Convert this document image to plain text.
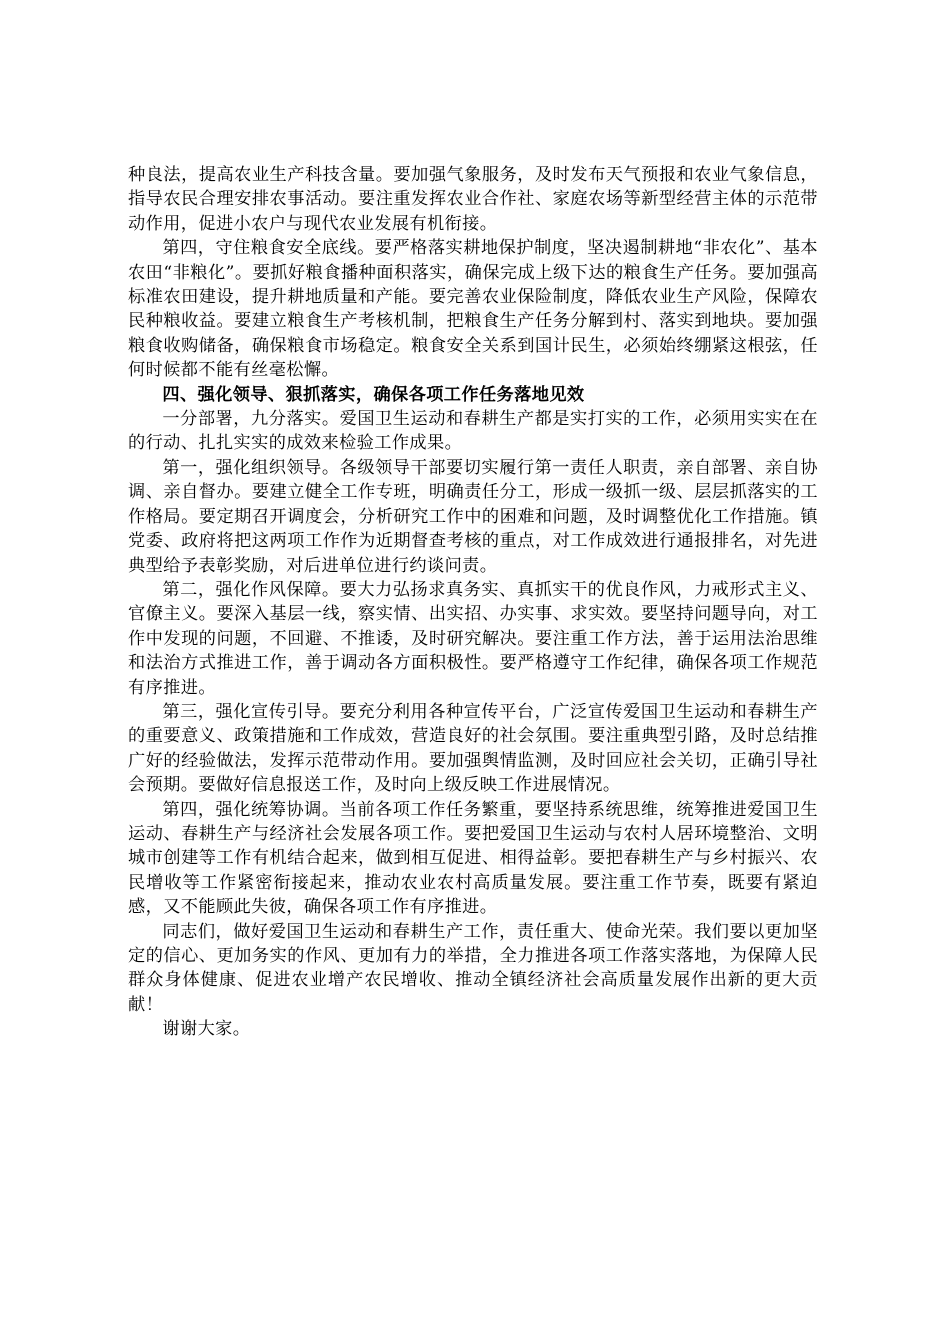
种良法，提高农业生产科技含量。要加强气象服务，及时发布天气预报和农业气象信息，指导农民合理安排农事活动。要注重发挥农业合作社、家庭农场等新型经营主体的示范带动作用，促进小农户与现代农业发展有机衔接。

第四，守住粮食安全底线。要严格落实耕地保护制度，坚决遏制耕地“非农化”、基本农田“非粮化”。要抓好粮食播种面积落实，确保完成上级下达的粮食生产任务。要加强高标准农田建设，提升耕地质量和产能。要完善农业保险制度，降低农业生产风险，保障农民种粮收益。要建立粮食生产考核机制，把粮食生产任务分解到村、落实到地块。要加强粮食收购储备，确保粮食市场稳定。粮食安全关系到国计民生，必须始终绷紧这根弦，任何时候都不能有丝毫松懈。

四、强化领导、狠抓落实，确保各项工作任务落地见效

一分部署，九分落实。爱国卫生运动和春耕生产都是实打实的工作，必须用实实在在的行动、扎扎实实的成效来检验工作成果。

第一，强化组织领导。各级领导干部要切实履行第一责任人职责，亲自部署、亲自协调、亲自督办。要建立健全工作专班，明确责任分工，形成一级抓一级、层层抓落实的工作格局。要定期召开调度会，分析研究工作中的困难和问题，及时调整优化工作措施。镇党委、政府将把这两项工作作为近期督查考核的重点，对工作成效进行通报排名，对先进典型给予表彰奖励，对后进单位进行约谈问责。

第二，强化作风保障。要大力弘扬求真务实、真抓实干的优良作风，力戒形式主义、官僚主义。要深入基层一线，察实情、出实招、办实事、求实效。要坚持问题导向，对工作中发现的问题，不回避、不推诿，及时研究解决。要注重工作方法，善于运用法治思维和法治方式推进工作，善于调动各方面积极性。要严格遵守工作纪律，确保各项工作规范有序推进。

第三，强化宣传引导。要充分利用各种宣传平台，广泛宣传爱国卫生运动和春耕生产的重要意义、政策措施和工作成效，营造良好的社会氛围。要注重典型引路，及时总结推广好的经验做法，发挥示范带动作用。要加强舆情监测，及时回应社会关切，正确引导社会预期。要做好信息报送工作，及时向上级反映工作进展情况。

第四，强化统筹协调。当前各项工作任务繁重，要坚持系统思维，统筹推进爱国卫生运动、春耕生产与经济社会发展各项工作。要把爱国卫生运动与农村人居环境整治、文明城市创建等工作有机结合起来，做到相互促进、相得益彰。要把春耕生产与乡村振兴、农民增收等工作紧密衔接起来，推动农业农村高质量发展。要注重工作节奏，既要有紧迫感，又不能顾此失彼，确保各项工作有序推进。

同志们，做好爱国卫生运动和春耕生产工作，责任重大、使命光荣。我们要以更加坚定的信心、更加务实的作风、更加有力的举措，全力推进各项工作落实落地，为保障人民群众身体健康、促进农业增产农民增收、推动全镇经济社会高质量发展作出新的更大贡献！

谢谢大家。
